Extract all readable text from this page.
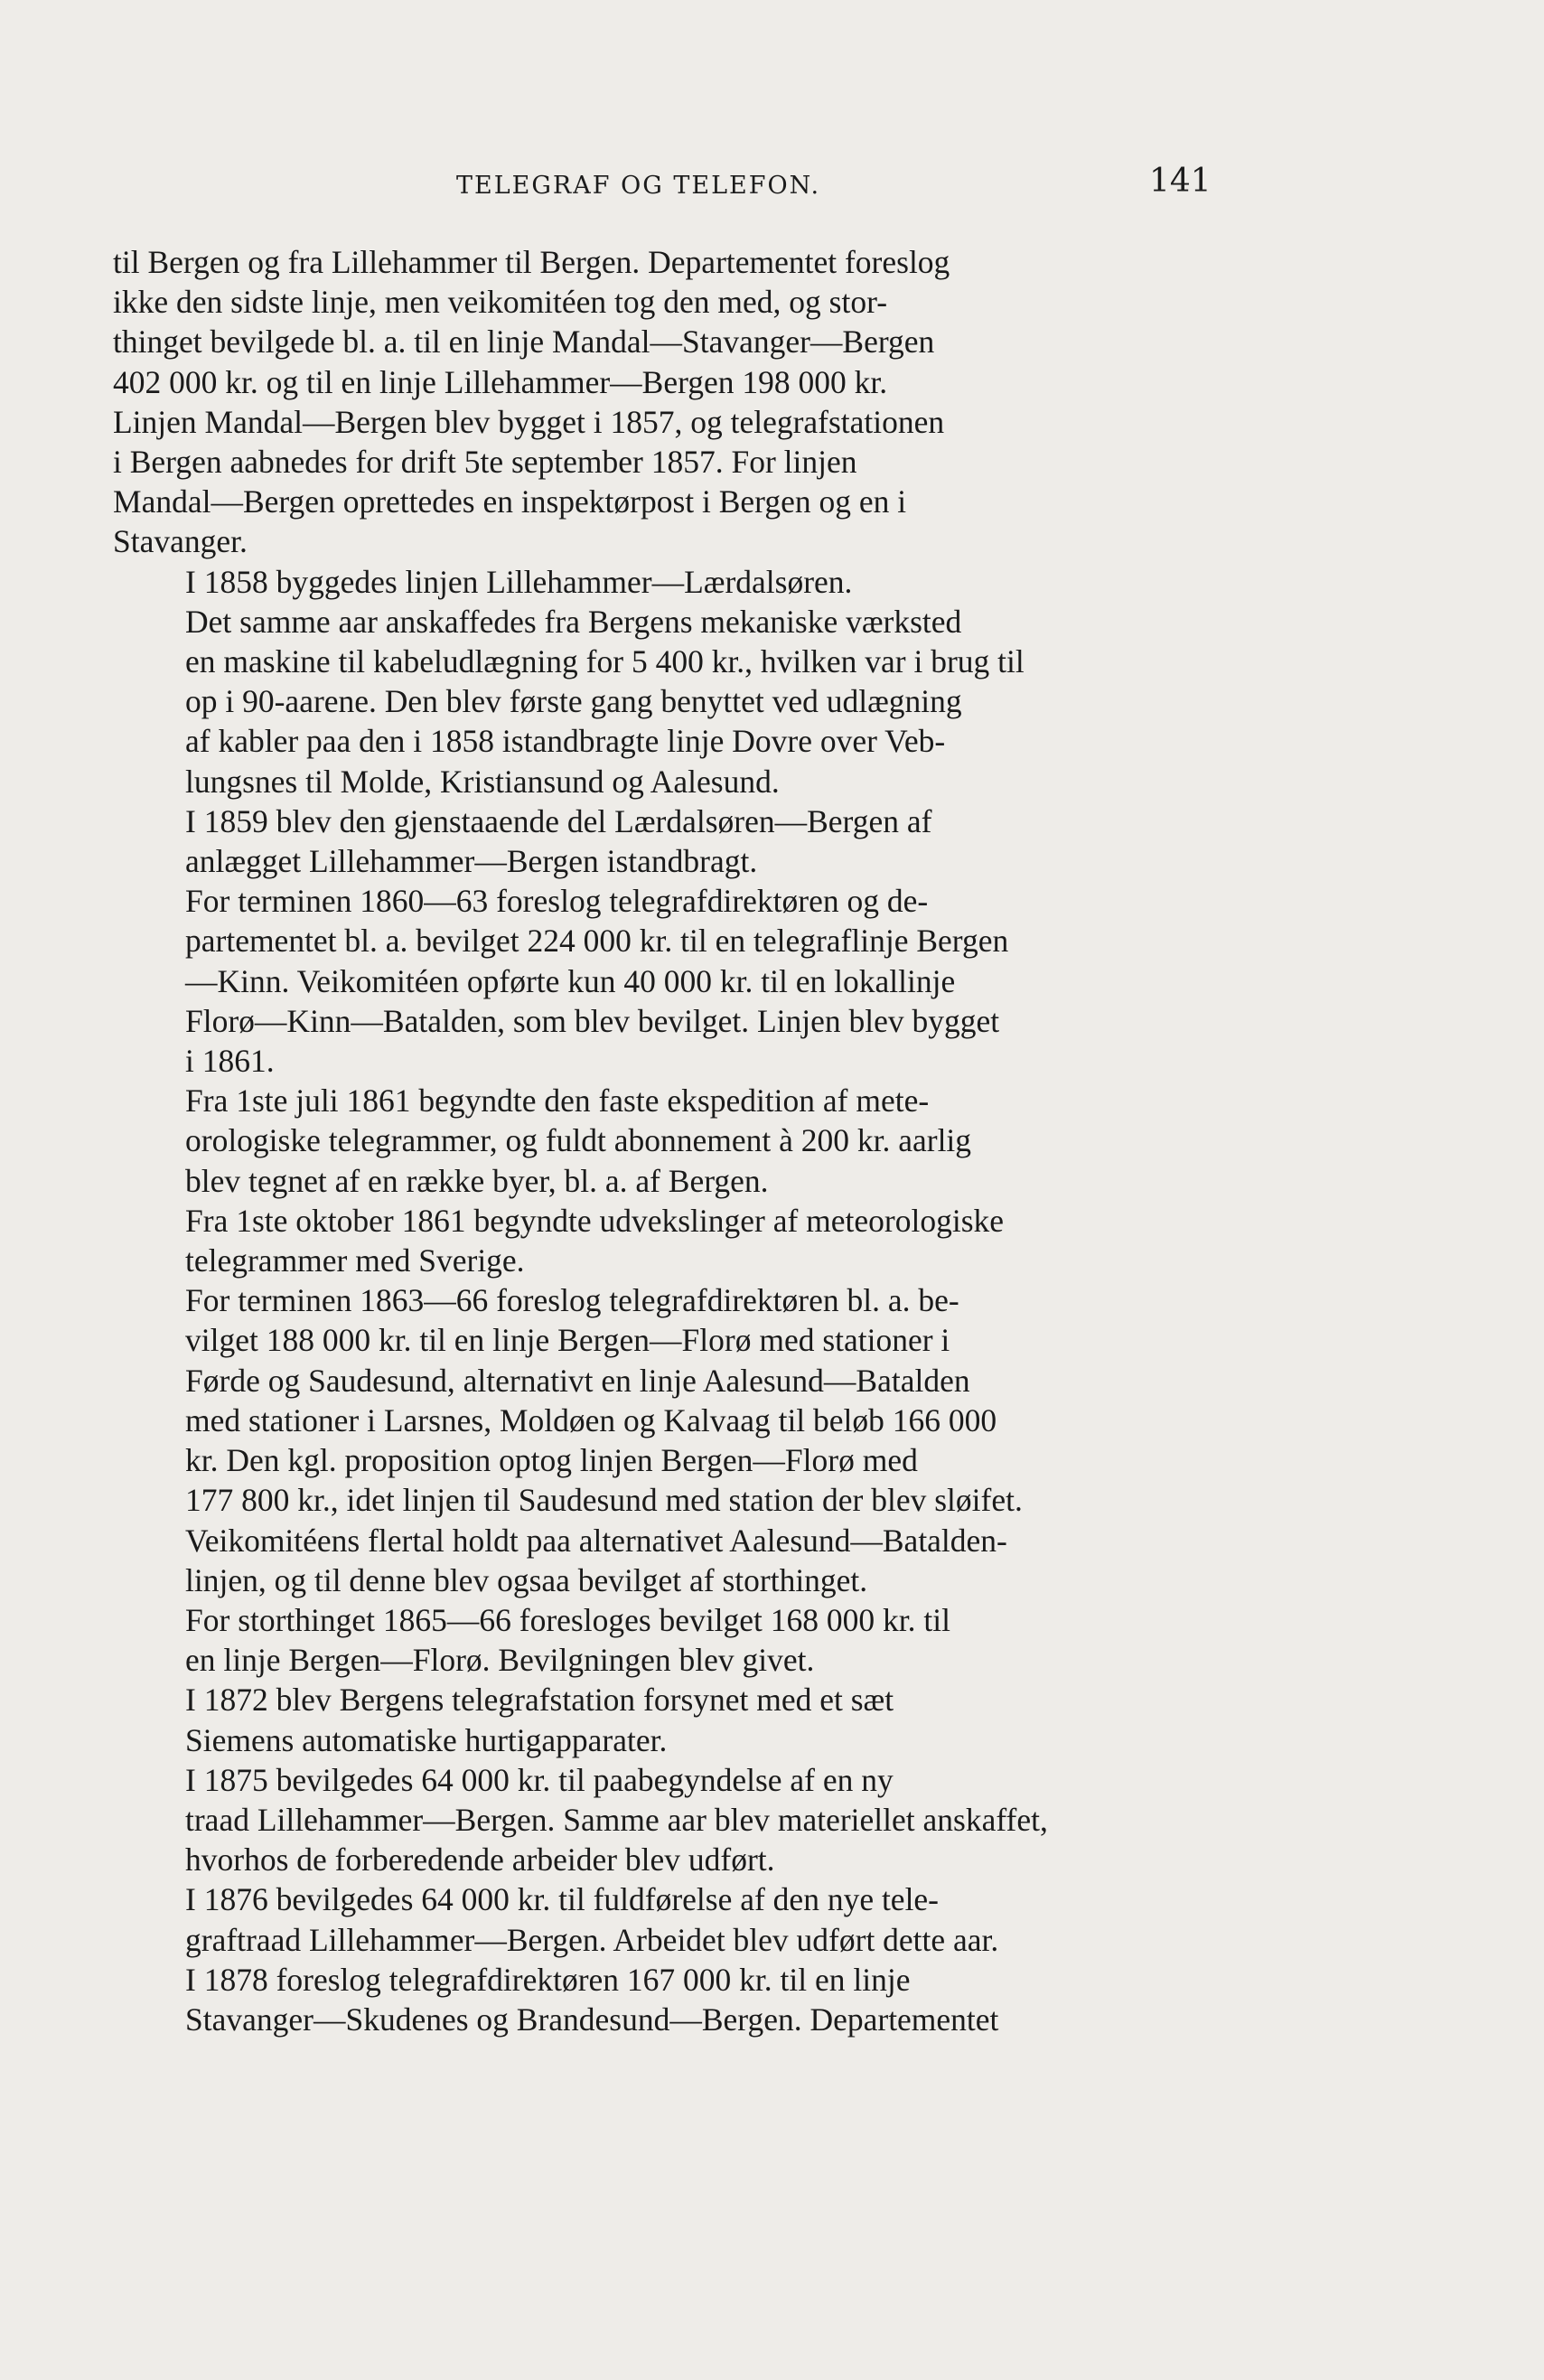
TELEGRAF OG TELEFON.	141

til Bergen og fra Lillehammer til Bergen. Departementet foreslog
ikke den sidste linje, men veikomitéen tog den med, og stor-
thinget bevilgede bl. a. til en linje Mandal—Stavanger—Bergen
402 000 kr. og til en linje Lillehammer—Bergen 198 000 kr.
Linjen Mandal—Bergen blev bygget i 1857, og telegrafstationen
i Bergen aabnedes for drift 5te september 1857. For linjen
Mandal—Bergen oprettedes en inspektørpost i Bergen og en i
Stavanger.

I 1858 byggedes linjen Lillehammer—Lærdalsøren.

Det samme aar anskaffedes fra Bergens mekaniske værksted
en maskine til kabeludlægning for 5 400 kr., hvilken var i brug til
op i 90-aarene. Den blev første gang benyttet ved udlægning
af kabler paa den i 1858 istandbragte linje Dovre over Veb-
lungsnes til Molde, Kristiansund og Aalesund.

I 1859 blev den gjenstaaende del Lærdalsøren—Bergen af
anlægget Lillehammer—Bergen istandbragt.

For terminen 1860—63 foreslog telegrafdirektøren og de-
partementet bl. a. bevilget 224 000 kr. til en telegraflinje Bergen
—Kinn. Veikomitéen opførte kun 40 000 kr. til en lokallinje
Florø—Kinn—Batalden, som blev bevilget. Linjen blev bygget
i 1861.

Fra 1ste juli 1861 begyndte den faste ekspedition af mete-
orologiske telegrammer, og fuldt abonnement à 200 kr. aarlig
blev tegnet af en række byer, bl. a. af Bergen.

Fra 1ste oktober 1861 begyndte udvekslinger af meteorologiske
telegrammer med Sverige.

For terminen 1863—66 foreslog telegrafdirektøren bl. a. be-
vilget 188 000 kr. til en linje Bergen—Florø med stationer i
Førde og Saudesund, alternativt en linje Aalesund—Batalden
med stationer i Larsnes, Moldøen og Kalvaag til beløb 166 000
kr. Den kgl. proposition optog linjen Bergen—Florø med
177 800 kr., idet linjen til Saudesund med station der blev sløifet.
Veikomitéens flertal holdt paa alternativet Aalesund—Batalden-
linjen, og til denne blev ogsaa bevilget af storthinget.

For storthinget 1865—66 foresloges bevilget 168 000 kr. til
en linje Bergen—Florø. Bevilgningen blev givet.

I 1872 blev Bergens telegrafstation forsynet med et sæt
Siemens automatiske hurtigapparater.

I 1875 bevilgedes 64 000 kr. til paabegyndelse af en ny
traad Lillehammer—Bergen. Samme aar blev materiellet anskaffet,
hvorhos de forberedende arbeider blev udført.

I 1876 bevilgedes 64 000 kr. til fuldførelse af den nye tele-
graftraad Lillehammer—Bergen. Arbeidet blev udført dette aar.

I 1878 foreslog telegrafdirektøren 167 000 kr. til en linje
Stavanger—Skudenes og Brandesund—Bergen. Departementet
